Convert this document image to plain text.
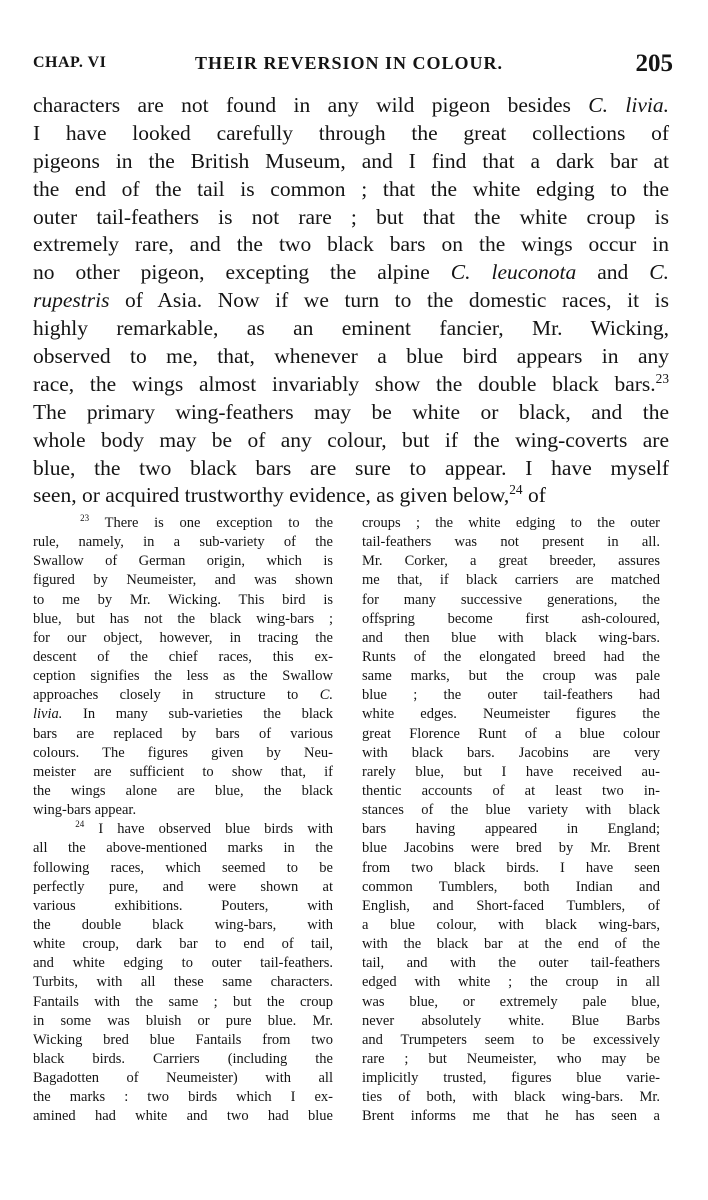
CHAP. VI	THEIR REVERSION IN COLOUR.	205
characters are not found in any wild pigeon besides C. livia.
I have looked carefully through the great collections of
pigeons in the British Museum, and I find that a dark bar at
the end of the tail is common ; that the white edging to the
outer tail-feathers is not rare ; but that the white croup is
extremely rare, and the two black bars on the wings occur in
no other pigeon, excepting the alpine C. leuconota and C.
rupestris of Asia. Now if we turn to the domestic races, it is
highly remarkable, as an eminent fancier, Mr. Wicking,
observed to me, that, whenever a blue bird appears in any
race, the wings almost invariably show the double black bars.$^{23}$
The primary wing-feathers may be white or black, and the
whole body may be of any colour, but if the wing-coverts are
blue, the two black bars are sure to appear. I have myself
seen, or acquired trustworthy evidence, as given below,$^{24}$ of
$^{23}$ There is one exception to the
rule, namely, in a sub-variety of the
Swallow of German origin, which is
figured by Neumeister, and was shown
to me by Mr. Wicking. This bird is
blue, but has not the black wing-bars ;
for our object, however, in tracing the
descent of the chief races, this ex-
ception signifies the less as the Swallow
approaches closely in structure to C.
livia. In many sub-varieties the black
bars are replaced by bars of various
colours. The figures given by Neu-
meister are sufficient to show that, if
the wings alone are blue, the black
wing-bars appear.
$^{24}$ I have observed blue birds with
all the above-mentioned marks in the
following races, which seemed to be
perfectly pure, and were shown at
various exhibitions. Pouters, with
the double black wing-bars, with
white croup, dark bar to end of tail,
and white edging to outer tail-feathers.
Turbits, with all these same characters.
Fantails with the same ; but the croup
in some was bluish or pure blue. Mr.
Wicking bred blue Fantails from two
black birds. Carriers (including the
Bagadotten of Neumeister) with all
the marks : two birds which I ex-
amined had white and two had blue
croups ; the white edging to the outer
tail-feathers was not present in all.
Mr. Corker, a great breeder, assures
me that, if black carriers are matched
for many successive generations, the
offspring become first ash-coloured,
and then blue with black wing-bars.
Runts of the elongated breed had the
same marks, but the croup was pale
blue ; the outer tail-feathers had
white edges. Neumeister figures the
great Florence Runt of a blue colour
with black bars. Jacobins are very
rarely blue, but I have received au-
thentic accounts of at least two in-
stances of the blue variety with black
bars having appeared in England;
blue Jacobins were bred by Mr. Brent
from two black birds. I have seen
common Tumblers, both Indian and
English, and Short-faced Tumblers, of
a blue colour, with black wing-bars,
with the black bar at the end of the
tail, and with the outer tail-feathers
edged with white ; the croup in all
was blue, or extremely pale blue,
never absolutely white. Blue Barbs
and Trumpeters seem to be excessively
rare ; but Neumeister, who may be
implicitly trusted, figures blue varie-
ties of both, with black wing-bars. Mr.
Brent informs me that he has seen a
